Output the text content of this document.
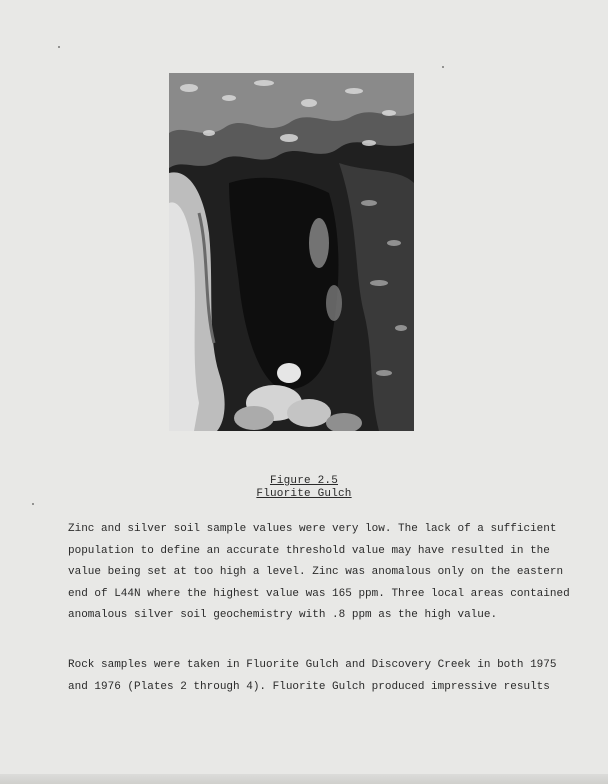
Figure 2.5
Fluorite Gulch

Zinc and silver soil sample values were very low. The lack of a sufficient
population to define an accurate threshold value may have resulted in the
value being set at too high a level. Zinc was anomalous only on the eastern
end of L44N where the highest value was 165 ppm. Three local areas contained
anomalous silver soil geochemistry with .8 ppm as the high value.

Rock samples were taken in Fluorite Gulch and Discovery Creek in both 1975
and 1976 (Plates 2 through 4). Fluorite Gulch produced impressive results
